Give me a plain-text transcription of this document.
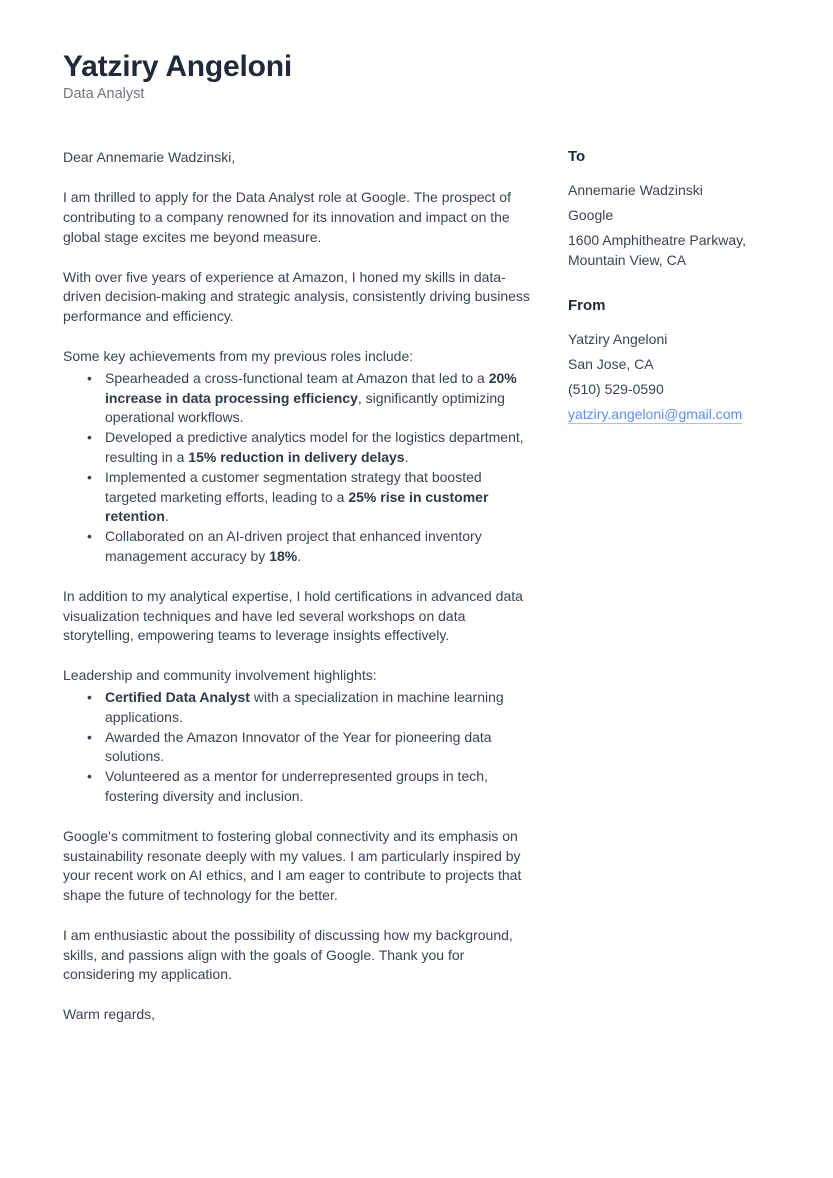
Yatziry Angeloni
Data Analyst

Dear Annemarie Wadzinski,

I am thrilled to apply for the Data Analyst role at Google. The prospect of contributing to a company renowned for its innovation and impact on the global stage excites me beyond measure.

With over five years of experience at Amazon, I honed my skills in data-driven decision-making and strategic analysis, consistently driving business performance and efficiency.

Some key achievements from my previous roles include:

• Spearheaded a cross-functional team at Amazon that led to a 20% increase in data processing efficiency, significantly optimizing operational workflows.
• Developed a predictive analytics model for the logistics department, resulting in a 15% reduction in delivery delays.
• Implemented a customer segmentation strategy that boosted targeted marketing efforts, leading to a 25% rise in customer retention.
• Collaborated on an AI-driven project that enhanced inventory management accuracy by 18%.

In addition to my analytical expertise, I hold certifications in advanced data visualization techniques and have led several workshops on data storytelling, empowering teams to leverage insights effectively.

Leadership and community involvement highlights:

• Certified Data Analyst with a specialization in machine learning applications.
• Awarded the Amazon Innovator of the Year for pioneering data solutions.
• Volunteered as a mentor for underrepresented groups in tech, fostering diversity and inclusion.

Google's commitment to fostering global connectivity and its emphasis on sustainability resonate deeply with my values. I am particularly inspired by your recent work on AI ethics, and I am eager to contribute to projects that shape the future of technology for the better.

I am enthusiastic about the possibility of discussing how my background, skills, and passions align with the goals of Google. Thank you for considering my application.

Warm regards,

To
Annemarie Wadzinski
Google
1600 Amphitheatre Parkway, Mountain View, CA
From
Yatziry Angeloni
San Jose, CA
(510) 529-0590
yatziry.angeloni@gmail.com
